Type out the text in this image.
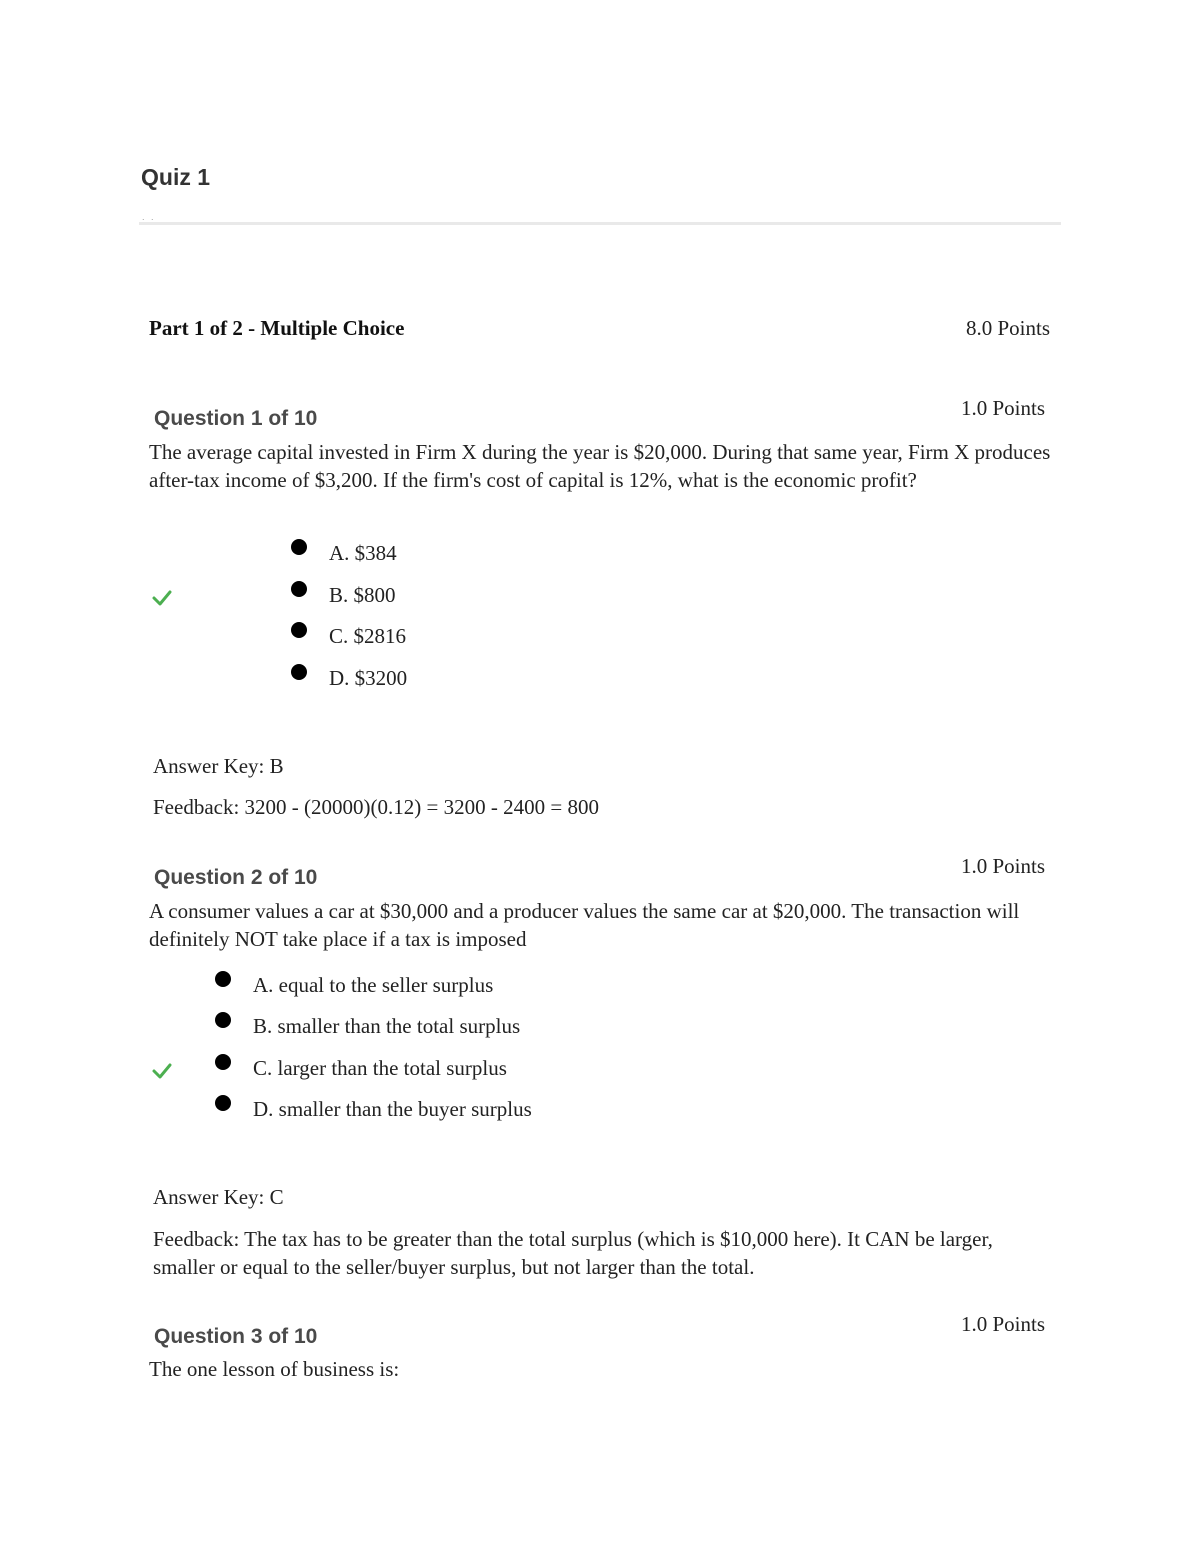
Quiz 1
. .
Part 1 of 2 - Multiple Choice	8.0 Points
1.0 Points
Question 1 of 10
The average capital invested in Firm X during the year is $20,000. During that same year, Firm X produces after-tax income of $3,200. If the firm's cost of capital is 12%, what is the economic profit?
A. $384
B. $800
C. $2816
D. $3200
Answer Key: B
Feedback: 3200 - (20000)(0.12) = 3200 - 2400 = 800
1.0 Points
Question 2 of 10
A consumer values a car at $30,000 and a producer values the same car at $20,000. The transaction will definitely NOT take place if a tax is imposed
A. equal to the seller surplus
B. smaller than the total surplus
C. larger than the total surplus
D. smaller than the buyer surplus
Answer Key: C
Feedback: The tax has to be greater than the total surplus (which is $10,000 here). It CAN be larger, smaller or equal to the seller/buyer surplus, but not larger than the total.
1.0 Points
Question 3 of 10
The one lesson of business is:
